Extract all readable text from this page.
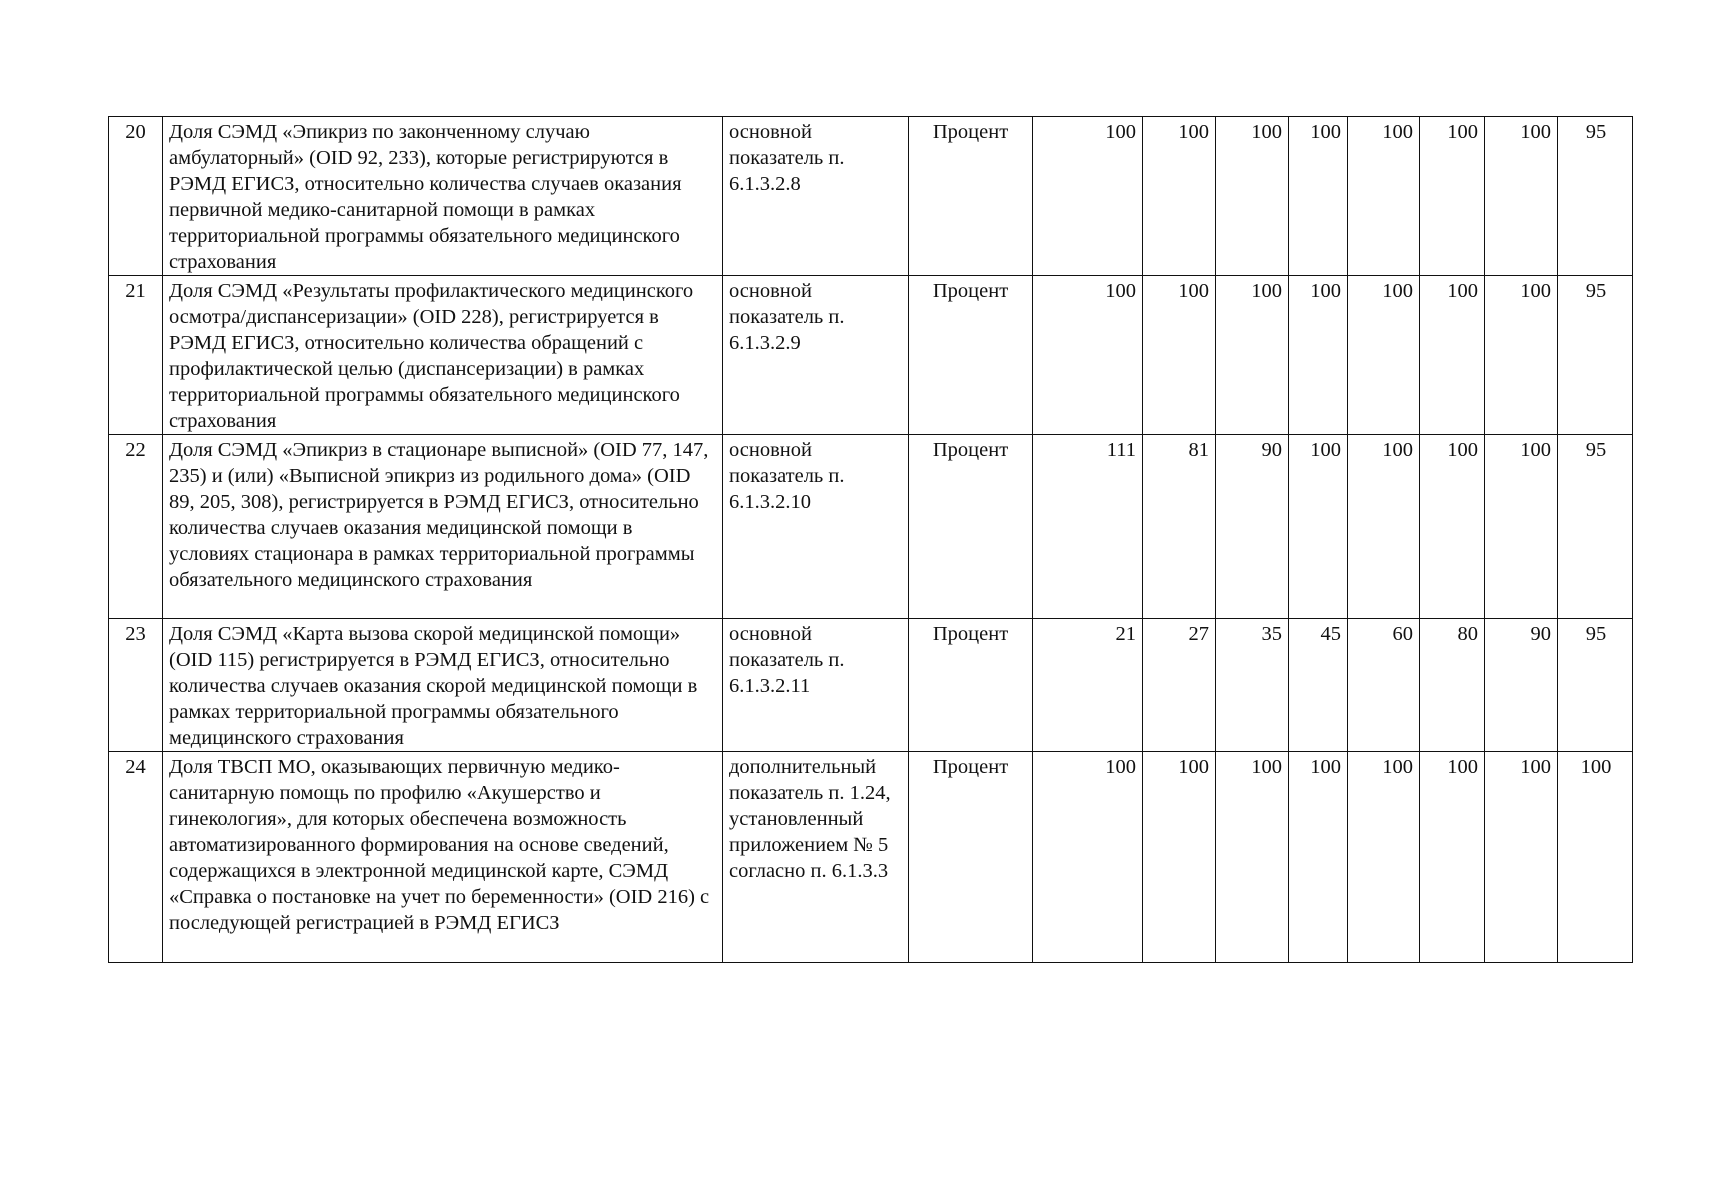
20	Доля СЭМД «Эпикриз по законченному случаю амбулаторный» (OID 92, 233), которые регистрируются в РЭМД ЕГИСЗ, относительно количества случаев оказания первичной медико-санитарной помощи в рамках территориальной программы обязательного медицинского страхования	основной показатель п. 6.1.3.2.8	Процент	100	100	100	100	100	100	100	95
21	Доля СЭМД «Результаты профилактического медицинского осмотра/диспансеризации» (OID 228), регистрируется в РЭМД ЕГИСЗ, относительно количества обращений с профилактической целью (диспансеризации) в рамках территориальной программы обязательного медицинского страхования	основной показатель п. 6.1.3.2.9	Процент	100	100	100	100	100	100	100	95
22	Доля СЭМД «Эпикриз в стационаре выписной» (OID 77, 147, 235) и (или) «Выписной эпикриз из родильного дома» (OID 89, 205, 308), регистрируется в РЭМД ЕГИСЗ, относительно количества случаев оказания медицинской помощи в условиях стационара в рамках территориальной программы обязательного медицинского страхования	основной показатель п. 6.1.3.2.10	Процент	111	81	90	100	100	100	100	95
23	Доля СЭМД «Карта вызова скорой медицинской помощи» (OID 115) регистрируется в РЭМД ЕГИСЗ, относительно количества случаев оказания скорой медицинской помощи в рамках территориальной программы обязательного медицинского страхования	основной показатель п. 6.1.3.2.11	Процент	21	27	35	45	60	80	90	95
24	Доля ТВСП МО, оказывающих первичную медико-санитарную помощь по профилю «Акушерство и гинекология», для которых обеспечена возможность автоматизированного формирования на основе сведений, содержащихся в электронной медицинской карте, СЭМД «Справка о постановке на учет по беременности» (OID 216) с последующей регистрацией в РЭМД ЕГИСЗ	дополнительный показатель п. 1.24, установленный приложением № 5 согласно п. 6.1.3.3	Процент	100	100	100	100	100	100	100	100
